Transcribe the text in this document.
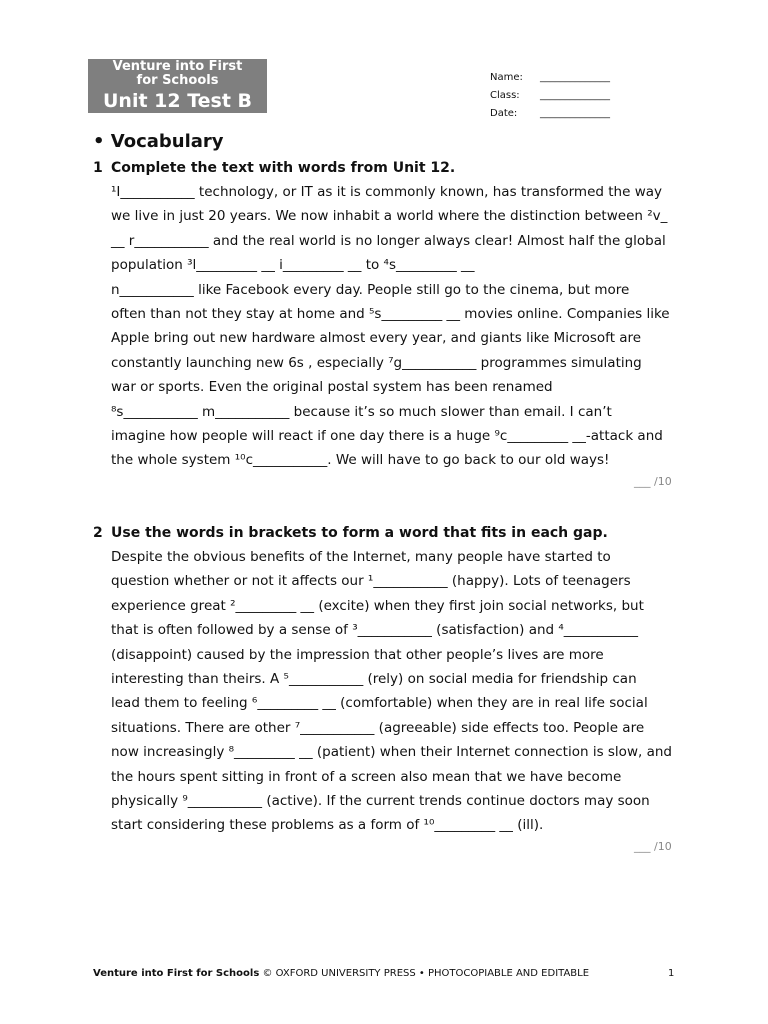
Venture into First
for Schools
Unit 12 Test B
Name: ______________
Class: ______________
Date: ______________
• Vocabulary
1 Complete the text with words from Unit 12.

¹I___________ technology, or IT as it is commonly known, has transformed the way

we live in just 20 years. We now inhabit a world where the distinction between ²v_

__ r___________ and the real world is no longer always clear! Almost half the global

population ³l_________ __ i_________ __ to ⁴s_________ __

n___________ like Facebook every day. People still go to the cinema, but more

often than not they stay at home and ⁵s_________ __ movies online. Companies like

Apple bring out new hardware almost every year, and giants like Microsoft are

constantly launching new 6s , especially ⁷g___________ programmes simulating

war or sports. Even the original postal system has been renamed

⁸s___________ m___________ because it’s so much slower than email. I can’t

imagine how people will react if one day there is a huge ⁹c_________ __-attack and

the whole system ¹⁰c___________. We will have to go back to our old ways!

___ /10
2 Use the words in brackets to form a word that fits in each gap.

Despite the obvious benefits of the Internet, many people have started to

question whether or not it affects our ¹___________ (happy). Lots of teenagers

experience great ²_________ __ (excite) when they first join social networks, but

that is often followed by a sense of ³___________ (satisfaction) and ⁴___________

(disappoint) caused by the impression that other people’s lives are more

interesting than theirs. A ⁵___________ (rely) on social media for friendship can

lead them to feeling ⁶_________ __ (comfortable) when they are in real life social

situations. There are other ⁷___________ (agreeable) side effects too. People are

now increasingly ⁸_________ __ (patient) when their Internet connection is slow, and

the hours spent sitting in front of a screen also mean that we have become

physically ⁹___________ (active). If the current trends continue doctors may soon

start considering these problems as a form of ¹⁰_________ __ (ill).

___ /10
Venture into First for Schools © OXFORD UNIVERSITY PRESS • PHOTOCOPIABLE AND EDITABLE	1
